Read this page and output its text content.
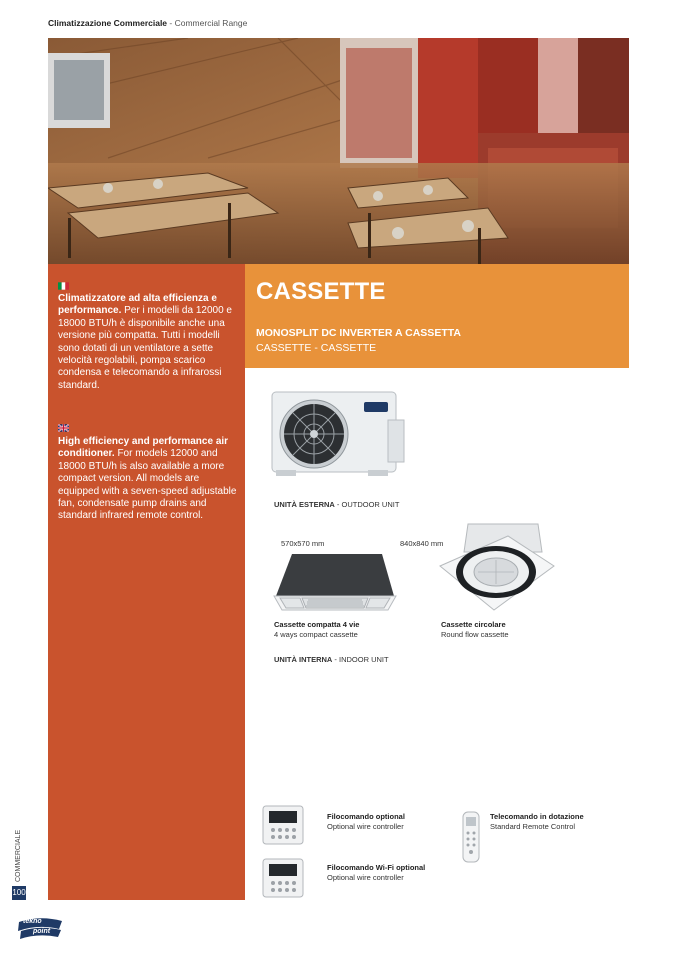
Climatizzazione Commerciale - Commercial Range
Climatizzatore ad alta efficienza e performance. Per i modelli da 12000 e 18000 BTU/h è disponibile anche una versione più compatta. Tutti i modelli sono dotati di un ventilatore a sette velocità regolabili, pompa scarico condensa e telecomando a infrarossi standard.
High efficiency and performance air conditioner. For models 12000 and 18000 BTU/h is also available a more compact version. All models are equipped with a seven-speed adjustable fan, condensate pump drains and standard infrared remote control.
CASSETTE
MONOSPLIT DC INVERTER A CASSETTA
CASSETTE - CASSETTE
UNITÀ ESTERNA - OUTDOOR UNIT
570x570 mm	840x840 mm
Cassette compatta 4 vie
4 ways compact cassette
Cassette circolare
Round flow cassette
UNITÀ INTERNA - INDOOR UNIT
Filocomando optional
Optional wire controller
Filocomando Wi-Fi optional
Optional wire controller
Telecomando in dotazione
Standard Remote Control
COMMERCIALE
100
tekno
point
